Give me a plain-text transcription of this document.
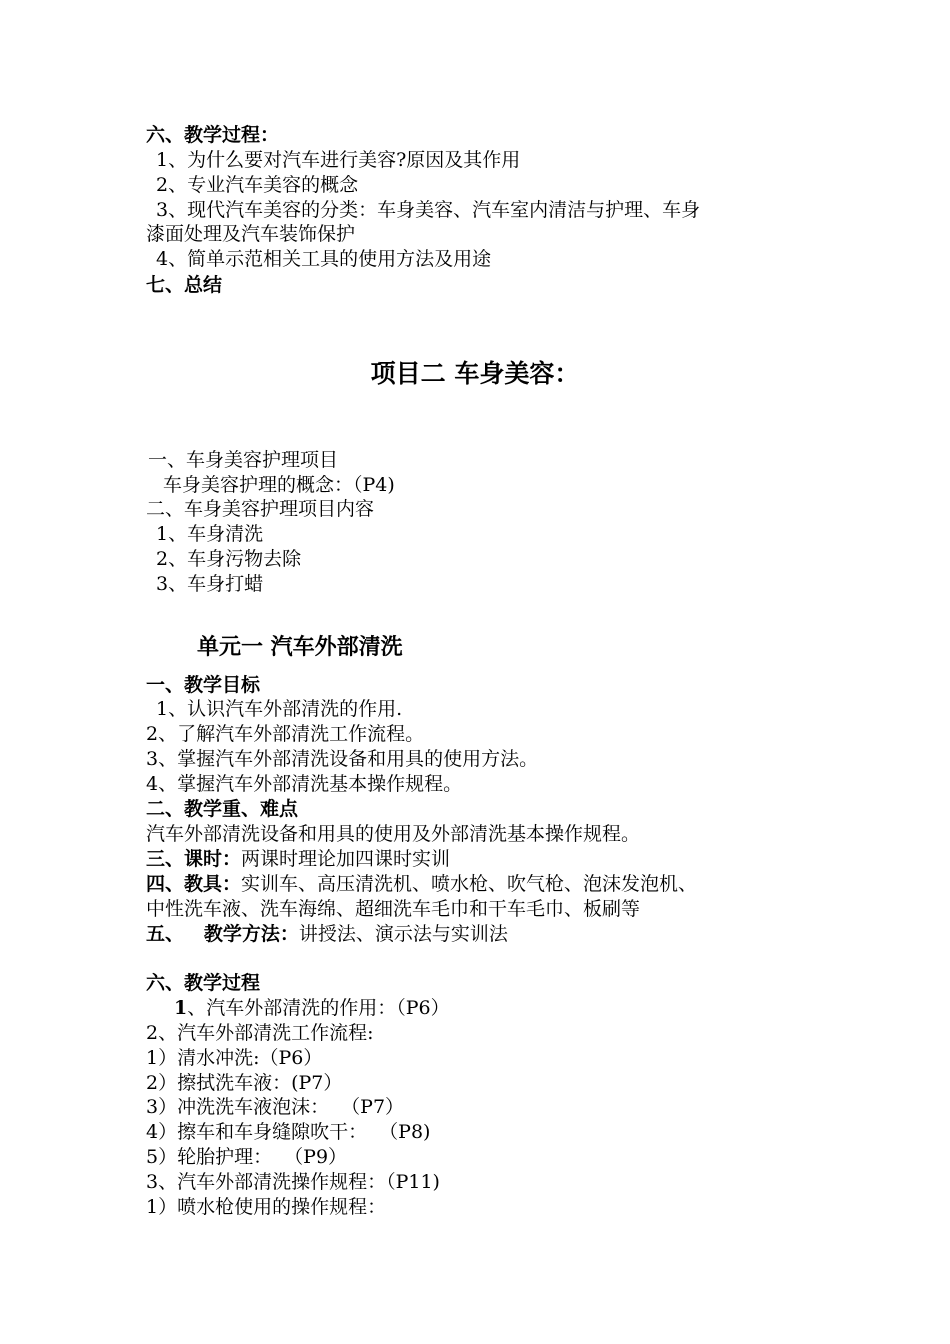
六、教学过程：
1、为什么要对汽车进行美容?原因及其作用
2、专业汽车美容的概念
3、现代汽车美容的分类：车身美容、汽车室内清洁与护理、车身
漆面处理及汽车装饰保护
4、简单示范相关工具的使用方法及用途
七、总结
项目二 车身美容：
一、车身美容护理项目
车身美容护理的概念：（P4)
二、车身美容护理项目内容
1、车身清洗
2、车身污物去除
3、车身打蜡
单元一 汽车外部清洗
一、教学目标
1、认识汽车外部清洗的作用.
2、了解汽车外部清洗工作流程。
3、掌握汽车外部清洗设备和用具的使用方法。
4、掌握汽车外部清洗基本操作规程。
二、教学重、难点
汽车外部清洗设备和用具的使用及外部清洗基本操作规程。
三、课时：两课时理论加四课时实训
四、教具：实训车、高压清洗机、喷水枪、吹气枪、泡沫发泡机、
中性洗车液、洗车海绵、超细洗车毛巾和干车毛巾、板刷等
五、   教学方法：讲授法、演示法与实训法
六、教学过程
1、汽车外部清洗的作用：（P6）
2、汽车外部清洗工作流程:
1）清水冲洗:（P6）
2）擦拭洗车液：(P7）
3）冲洗洗车液泡沫：  （P7）
4）擦车和车身缝隙吹干：  （P8)
5）轮胎护理：  （P9）
3、汽车外部清洗操作规程：（P11)
1）喷水枪使用的操作规程：
